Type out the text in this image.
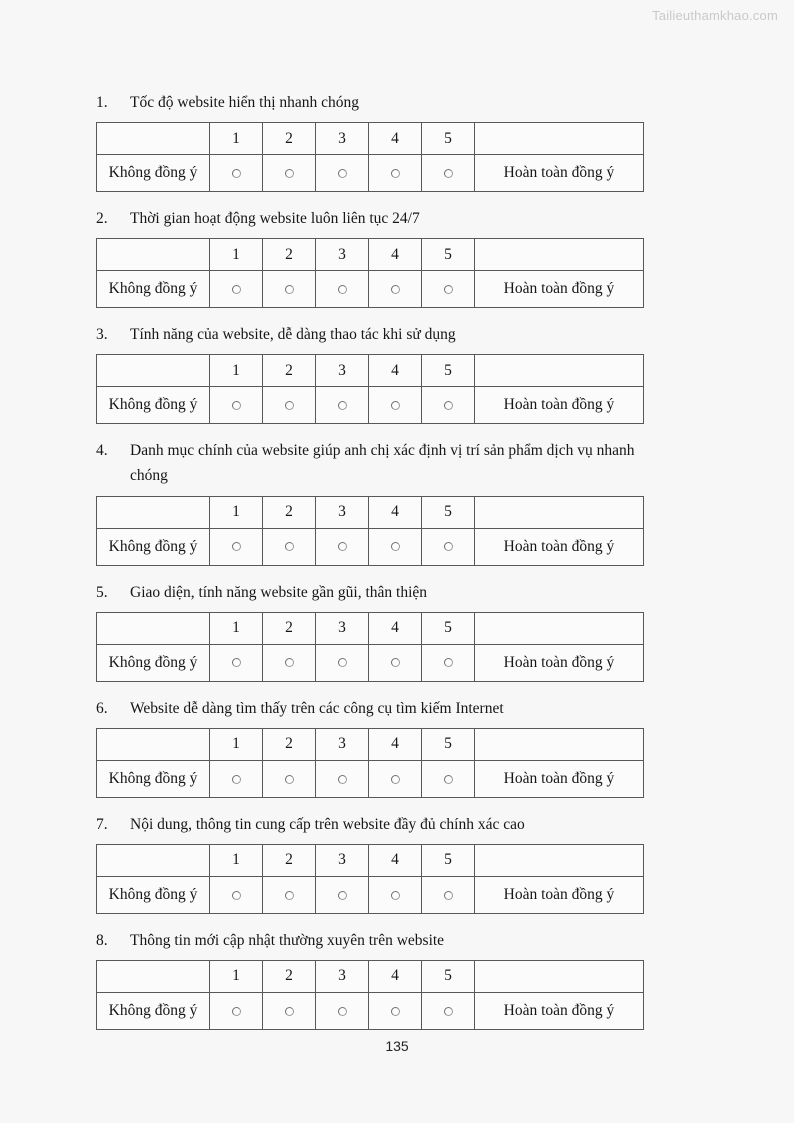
Tailieuthamkhao.com

1. Tốc độ website hiển thị nhanh chóng

	1	2	3	4	5	
Không đồng ý						Hoàn toàn đồng ý

2. Thời gian hoạt động website luôn liên tục 24/7

	1	2	3	4	5	
Không đồng ý						Hoàn toàn đồng ý

3. Tính năng của website, dễ dàng thao tác khi sử dụng

	1	2	3	4	5	
Không đồng ý						Hoàn toàn đồng ý

4. Danh mục chính của website giúp anh chị xác định vị trí sản phẩm dịch vụ nhanh chóng

	1	2	3	4	5	
Không đồng ý						Hoàn toàn đồng ý

5. Giao diện, tính năng website gần gũi, thân thiện

	1	2	3	4	5	
Không đồng ý						Hoàn toàn đồng ý

6. Website dễ dàng tìm thấy trên các công cụ tìm kiếm Internet

	1	2	3	4	5	
Không đồng ý						Hoàn toàn đồng ý

7. Nội dung, thông tin cung cấp trên website đầy đủ chính xác cao

	1	2	3	4	5	
Không đồng ý						Hoàn toàn đồng ý

8. Thông tin mới cập nhật thường xuyên trên website

	1	2	3	4	5	
Không đồng ý						Hoàn toàn đồng ý
135
